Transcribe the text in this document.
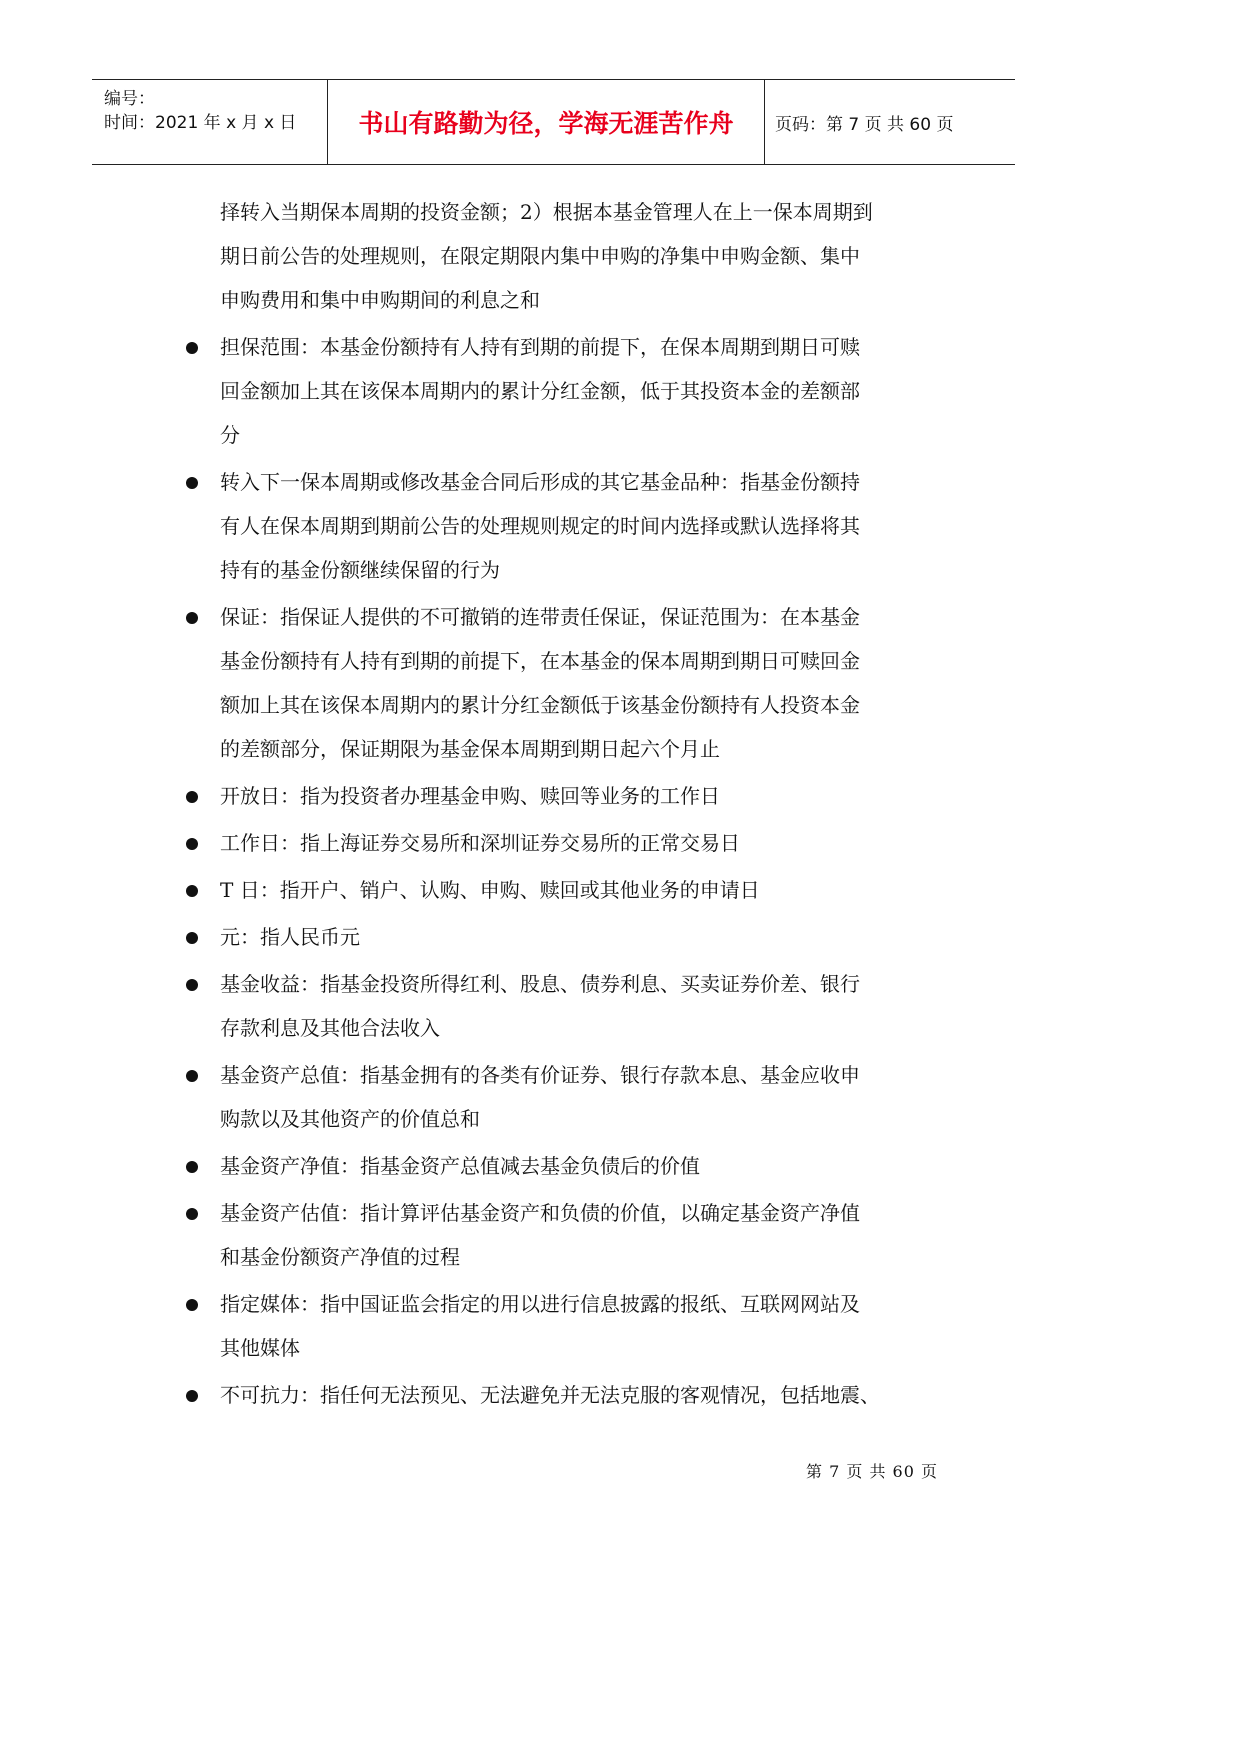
编号：
时间：2021 年 x 月 x 日 书山有路勤为径，学海无涯苦作舟 页码：第 7 页 共 60 页
择转入当期保本周期的投资金额；2）根据本基金管理人在上一保本周期到
期日前公告的处理规则，在限定期限内集中申购的净集中申购金额、集中
申购费用和集中申购期间的利息之和
担保范围：本基金份额持有人持有到期的前提下，在保本周期到期日可赎
回金额加上其在该保本周期内的累计分红金额，低于其投资本金的差额部
分
转入下一保本周期或修改基金合同后形成的其它基金品种：指基金份额持
有人在保本周期到期前公告的处理规则规定的时间内选择或默认选择将其
持有的基金份额继续保留的行为
保证：指保证人提供的不可撤销的连带责任保证，保证范围为：在本基金
基金份额持有人持有到期的前提下，在本基金的保本周期到期日可赎回金
额加上其在该保本周期内的累计分红金额低于该基金份额持有人投资本金
的差额部分，保证期限为基金保本周期到期日起六个月止
开放日：指为投资者办理基金申购、赎回等业务的工作日
工作日：指上海证券交易所和深圳证券交易所的正常交易日
T 日：指开户、销户、认购、申购、赎回或其他业务的申请日
元：指人民币元
基金收益：指基金投资所得红利、股息、债券利息、买卖证券价差、银行
存款利息及其他合法收入
基金资产总值：指基金拥有的各类有价证券、银行存款本息、基金应收申
购款以及其他资产的价值总和
基金资产净值：指基金资产总值减去基金负债后的价值
基金资产估值：指计算评估基金资产和负债的价值，以确定基金资产净值
和基金份额资产净值的过程
指定媒体：指中国证监会指定的用以进行信息披露的报纸、互联网网站及
其他媒体
不可抗力：指任何无法预见、无法避免并无法克服的客观情况，包括地震、
第 7 页 共 60 页
